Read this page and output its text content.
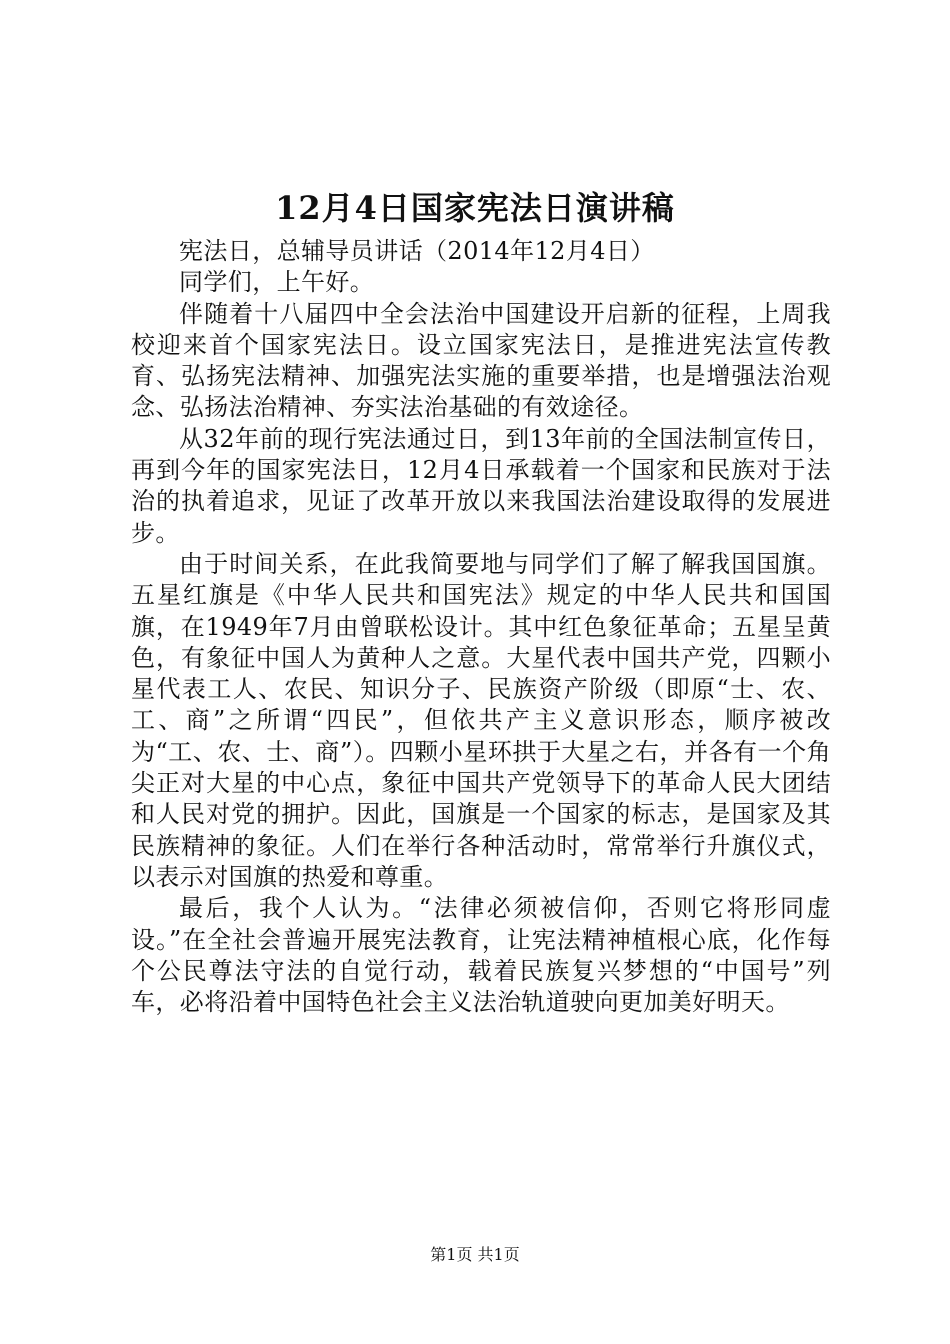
12月4日国家宪法日演讲稿

宪法日，总辅导员讲话（2014年12月4日）

同学们，上午好。

伴随着十八届四中全会法治中国建设开启新的征程，上周我校迎来首个国家宪法日。设立国家宪法日，是推进宪法宣传教育、弘扬宪法精神、加强宪法实施的重要举措，也是增强法治观念、弘扬法治精神、夯实法治基础的有效途径。

从32年前的现行宪法通过日，到13年前的全国法制宣传日，再到今年的国家宪法日，12月4日承载着一个国家和民族对于法治的执着追求，见证了改革开放以来我国法治建设取得的发展进步。

由于时间关系，在此我简要地与同学们了解了解我国国旗。五星红旗是《中华人民共和国宪法》规定的中华人民共和国国旗，在1949年7月由曾联松设计。其中红色象征革命；五星呈黄色，有象征中国人为黄种人之意。大星代表中国共产党，四颗小星代表工人、农民、知识分子、民族资产阶级（即原“士、农、工、商”之所谓“四民”，但依共产主义意识形态，顺序被改为“工、农、士、商”）。四颗小星环拱于大星之右，并各有一个角尖正对大星的中心点，象征中国共产党领导下的革命人民大团结和人民对党的拥护。因此，国旗是一个国家的标志，是国家及其民族精神的象征。人们在举行各种活动时，常常举行升旗仪式，以表示对国旗的热爱和尊重。

最后，我个人认为。“法律必须被信仰，否则它将形同虚设。”在全社会普遍开展宪法教育，让宪法精神植根心底，化作每个公民尊法守法的自觉行动，载着民族复兴梦想的“中国号”列车，必将沿着中国特色社会主义法治轨道驶向更加美好明天。

第1页 共1页
